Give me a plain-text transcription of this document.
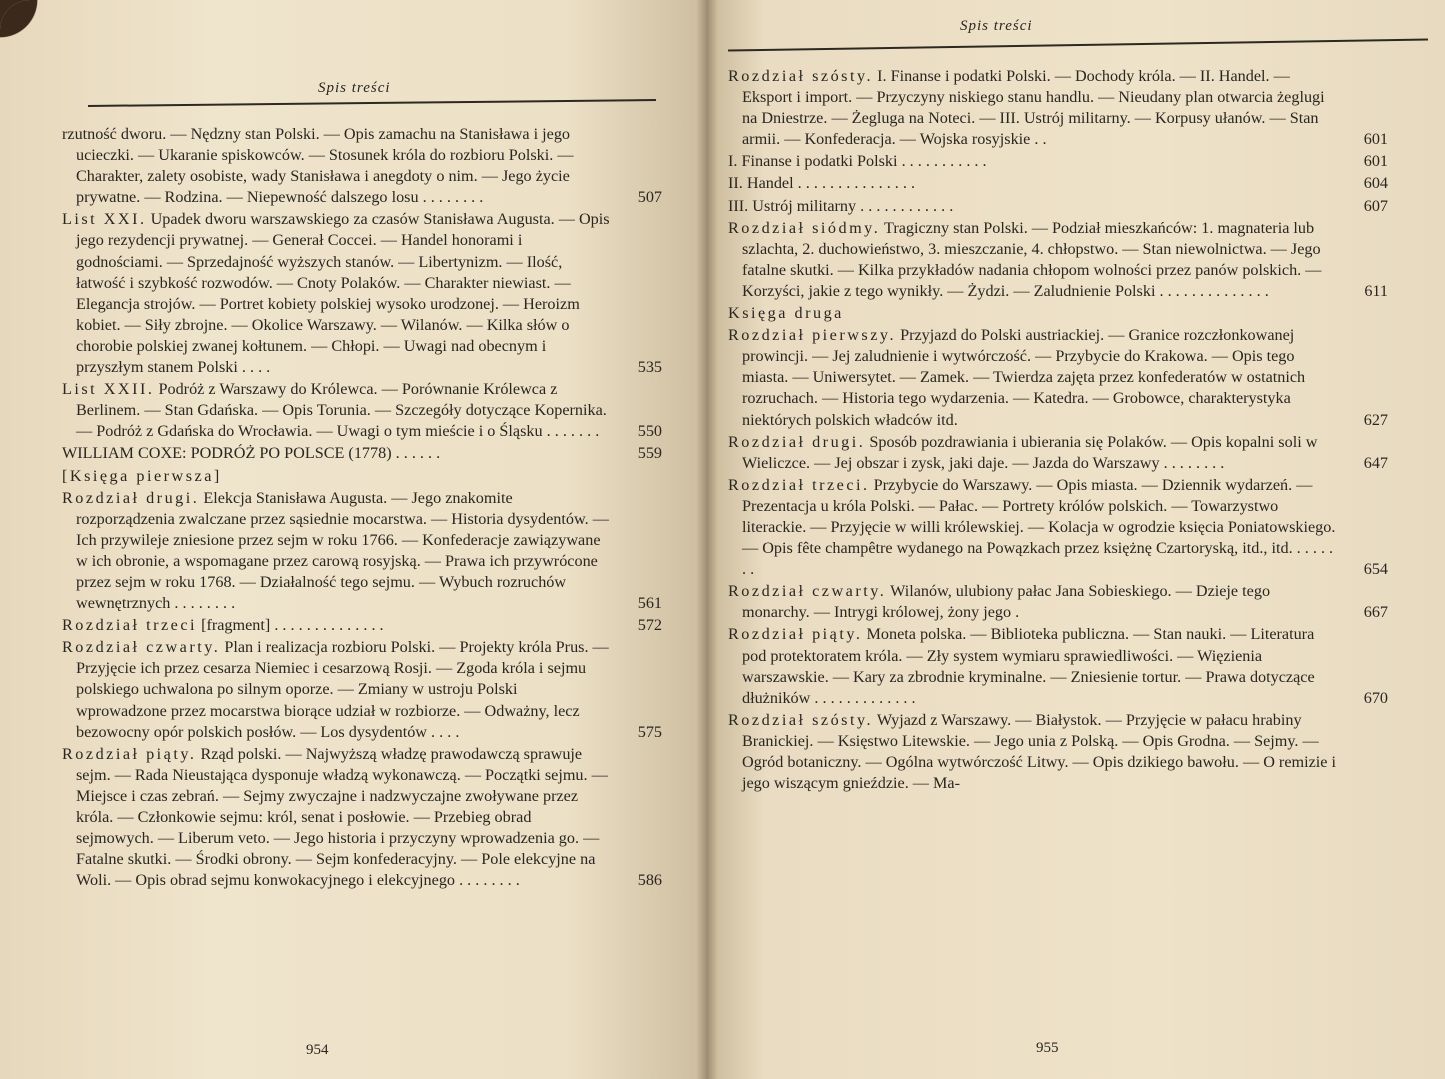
Spis treści
rzutność dworu. — Nędzny stan Polski. — Opis zamachu na Stanisława i jego ucieczki. — Ukaranie spiskowców. — Stosunek króla do rozbioru Polski. — Charakter, zalety osobiste, wady Stanisława i anegdoty o nim. — Jego życie prywatne. — Rodzina. — Niepewność dalszego losu . . . . . . . .	507
List XXI. Upadek dworu warszawskiego za czasów Stanisława Augusta. — Opis jego rezydencji prywatnej. — Generał Coccei. — Handel honorami i godnościami. — Sprzedajność wyższych stanów. — Libertynizm. — Ilość, łatwość i szybkość rozwodów. — Cnoty Polaków. — Charakter niewiast. — Elegancja strojów. — Portret kobiety polskiej wysoko urodzonej. — Heroizm kobiet. — Siły zbrojne. — Okolice Warszawy. — Wilanów. — Kilka słów o chorobie polskiej zwanej kołtunem. — Chłopi. — Uwagi nad obecnym i przyszłym stanem Polski . . . .	535
List XXII. Podróż z Warszawy do Królewca. — Porównanie Królewca z Berlinem. — Stan Gdańska. — Opis Torunia. — Szczegóły dotyczące Kopernika. — Podróż z Gdańska do Wrocławia. — Uwagi o tym mieście i o Śląsku . . . . . . .	550
WILLIAM COXE: PODRÓŻ PO POLSCE (1778) . . . . . .	559
[Księga pierwsza]
Rozdział drugi. Elekcja Stanisława Augusta. — Jego znakomite rozporządzenia zwalczane przez sąsiednie mocarstwa. — Historia dysydentów. — Ich przywileje zniesione przez sejm w roku 1766. — Konfederacje zawiązywane w ich obronie, a wspomagane przez carową rosyjską. — Prawa ich przywrócone przez sejm w roku 1768. — Działalność tego sejmu. — Wybuch rozruchów wewnętrznych . . . . . . . .	561
Rozdział trzeci [fragment] . . . . . . . . . . . . . .	572
Rozdział czwarty. Plan i realizacja rozbioru Polski. — Projekty króla Prus. — Przyjęcie ich przez cesarza Niemiec i cesarzową Rosji. — Zgoda króla i sejmu polskiego uchwalona po silnym oporze. — Zmiany w ustroju Polski wprowadzone przez mocarstwa biorące udział w rozbiorze. — Odważny, lecz bezowocny opór polskich posłów. — Los dysydentów . . . .	575
Rozdział piąty. Rząd polski. — Najwyższą władzę prawodawczą sprawuje sejm. — Rada Nieustająca dysponuje władzą wykonawczą. — Początki sejmu. — Miejsce i czas zebrań. — Sejmy zwyczajne i nadzwyczajne zwoływane przez króla. — Członkowie sejmu: król, senat i posłowie. — Przebieg obrad sejmowych. — Liberum veto. — Jego historia i przyczyny wprowadzenia go. — Fatalne skutki. — Środki obrony. — Sejm konfederacyjny. — Pole elekcyjne na Woli. — Opis obrad sejmu konwokacyjnego i elekcyjnego . . . . . . . .	586
954
Spis treści
Rozdział szósty. I. Finanse i podatki Polski. — Dochody króla. — II. Handel. — Eksport i import. — Przyczyny niskiego stanu handlu. — Nieudany plan otwarcia żeglugi na Dniestrze. — Żegluga na Noteci. — III. Ustrój militarny. — Korpusy ułanów. — Stan armii. — Konfederacja. — Wojska rosyjskie . .	601
I. Finanse i podatki Polski . . . . . . . . . . .	601
II. Handel . . . . . . . . . . . . . . .	604
III. Ustrój militarny . . . . . . . . . . . .	607
Rozdział siódmy. Tragiczny stan Polski. — Podział mieszkańców: 1. magnateria lub szlachta, 2. duchowieństwo, 3. mieszczanie, 4. chłopstwo. — Stan niewolnictwa. — Jego fatalne skutki. — Kilka przykładów nadania chłopom wolności przez panów polskich. — Korzyści, jakie z tego wynikły. — Żydzi. — Zaludnienie Polski . . . . . . . . . . . . . .	611
Księga druga
Rozdział pierwszy. Przyjazd do Polski austriackiej. — Granice rozczłonkowanej prowincji. — Jej zaludnienie i wytwórczość. — Przybycie do Krakowa. — Opis tego miasta. — Uniwersytet. — Zamek. — Twierdza zajęta przez konfederatów w ostatnich rozruchach. — Historia tego wydarzenia. — Katedra. — Grobowce, charakterystyka niektórych polskich władców itd.	627
Rozdział drugi. Sposób pozdrawiania i ubierania się Polaków. — Opis kopalni soli w Wieliczce. — Jej obszar i zysk, jaki daje. — Jazda do Warszawy . . . . . . . .	647
Rozdział trzeci. Przybycie do Warszawy. — Opis miasta. — Dziennik wydarzeń. — Prezentacja u króla Polski. — Pałac. — Portrety królów polskich. — Towarzystwo literackie. — Przyjęcie w willi królewskiej. — Kolacja w ogrodzie księcia Poniatowskiego. — Opis fête champêtre wydanego na Powązkach przez księżnę Czartoryską, itd., itd. . . . . . . .	654
Rozdział czwarty. Wilanów, ulubiony pałac Jana Sobieskiego. — Dzieje tego monarchy. — Intrygi królowej, żony jego .	667
Rozdział piąty. Moneta polska. — Biblioteka publiczna. — Stan nauki. — Literatura pod protektoratem króla. — Zły system wymiaru sprawiedliwości. — Więzienia warszawskie. — Kary za zbrodnie kryminalne. — Zniesienie tortur. — Prawa dotyczące dłużników . . . . . . . . . . . . .	670
Rozdział szósty. Wyjazd z Warszawy. — Białystok. — Przyjęcie w pałacu hrabiny Branickiej. — Księstwo Litewskie. — Jego unia z Polską. — Opis Grodna. — Sejmy. — Ogród botaniczny. — Ogólna wytwórczość Litwy. — Opis dzikiego bawołu. — O remizie i jego wiszącym gnieździe. — Ma-
955
